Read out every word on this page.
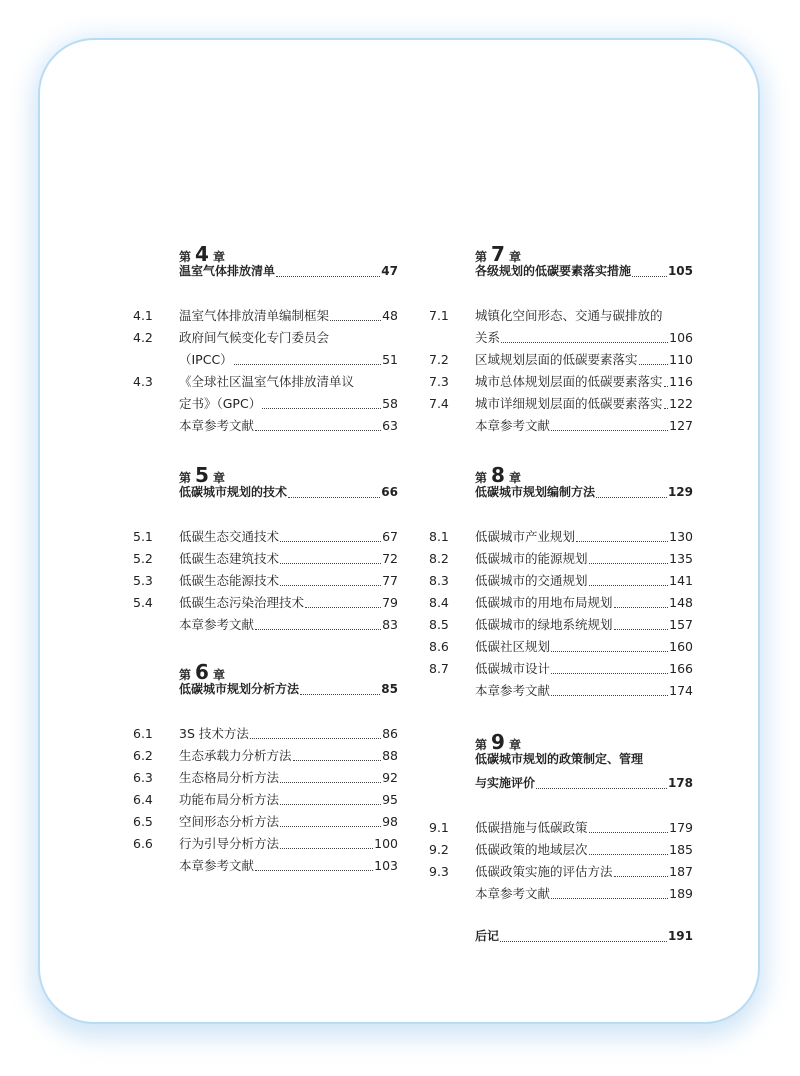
第 4 章
温室气体排放清单	47
4.1	温室气体排放清单编制框架	48
4.2	政府间气候变化专门委员会
（IPCC）	51
4.3	《全球社区温室气体排放清单议
定书》（GPC）	58
本章参考文献	63
第 5 章
低碳城市规划的技术	66
5.1	低碳生态交通技术	67
5.2	低碳生态建筑技术	72
5.3	低碳生态能源技术	77
5.4	低碳生态污染治理技术	79
本章参考文献	83
第 6 章
低碳城市规划分析方法	85
6.1	3S 技术方法	86
6.2	生态承载力分析方法	88
6.3	生态格局分析方法	92
6.4	功能布局分析方法	95
6.5	空间形态分析方法	98
6.6	行为引导分析方法	100
本章参考文献	103
第 7 章
各级规划的低碳要素落实措施	105
7.1	城镇化空间形态、交通与碳排放的
关系	106
7.2	区域规划层面的低碳要素落实	110
7.3	城市总体规划层面的低碳要素落实 116
7.4	城市详细规划层面的低碳要素落实 122
本章参考文献	127
第 8 章
低碳城市规划编制方法	129
8.1	低碳城市产业规划	130
8.2	低碳城市的能源规划	135
8.3	低碳城市的交通规划	141
8.4	低碳城市的用地布局规划	148
8.5	低碳城市的绿地系统规划	157
8.6	低碳社区规划	160
8.7	低碳城市设计	166
本章参考文献	174
第 9 章
低碳城市规划的政策制定、管理
与实施评价	178
9.1	低碳措施与低碳政策	179
9.2	低碳政策的地域层次	185
9.3	低碳政策实施的评估方法	187
本章参考文献	189
后记	191
